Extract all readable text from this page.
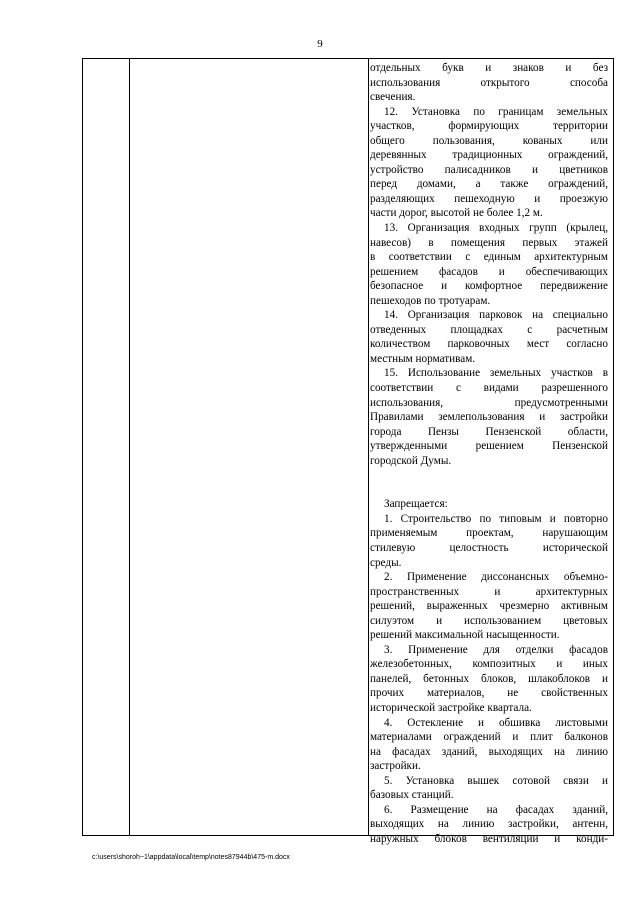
9
отдельных букв и знаков и без
использования открытого способа
свечения.
12. Установка по границам земельных
участков, формирующих территории
общего пользования, кованых или
деревянных традиционных ограждений,
устройство палисадников и цветников
перед домами, а также ограждений,
разделяющих пешеходную и проезжую
части дорог, высотой не более 1,2 м.
13. Организация входных групп (крылец,
навесов) в помещения первых этажей
в соответствии с единым архитектурным
решением фасадов и обеспечивающих
безопасное и комфортное передвижение
пешеходов по тротуарам.
14. Организация парковок на специально
отведенных площадках с расчетным
количеством парковочных мест согласно
местным нормативам.
15. Использование земельных участков в
соответствии с видами разрешенного
использования, предусмотренными
Правилами землепользования и застройки
города Пензы Пензенской области,
утвержденными решением Пензенской
городской Думы.
Запрещается:
1. Строительство по типовым и повторно
применяемым проектам, нарушающим
стилевую целостность исторической
среды.
2. Применение диссонансных объемно-
пространственных и архитектурных
решений, выраженных чрезмерно активным
силуэтом и использованием цветовых
решений максимальной насыщенности.
3. Применение для отделки фасадов
железобетонных, композитных и иных
панелей, бетонных блоков, шлакоблоков и
прочих материалов, не свойственных
исторической застройке квартала.
4. Остекление и обшивка листовыми
материалами ограждений и плит балконов
на фасадах зданий, выходящих на линию
застройки.
5. Установка вышек сотовой связи и
базовых станций.
6. Размещение на фасадах зданий,
выходящих на линию застройки, антенн,
наружных блоков вентиляции и конди-
c:\users\shoroh~1\appdata\local\temp\notes87944b\475-m.docx
